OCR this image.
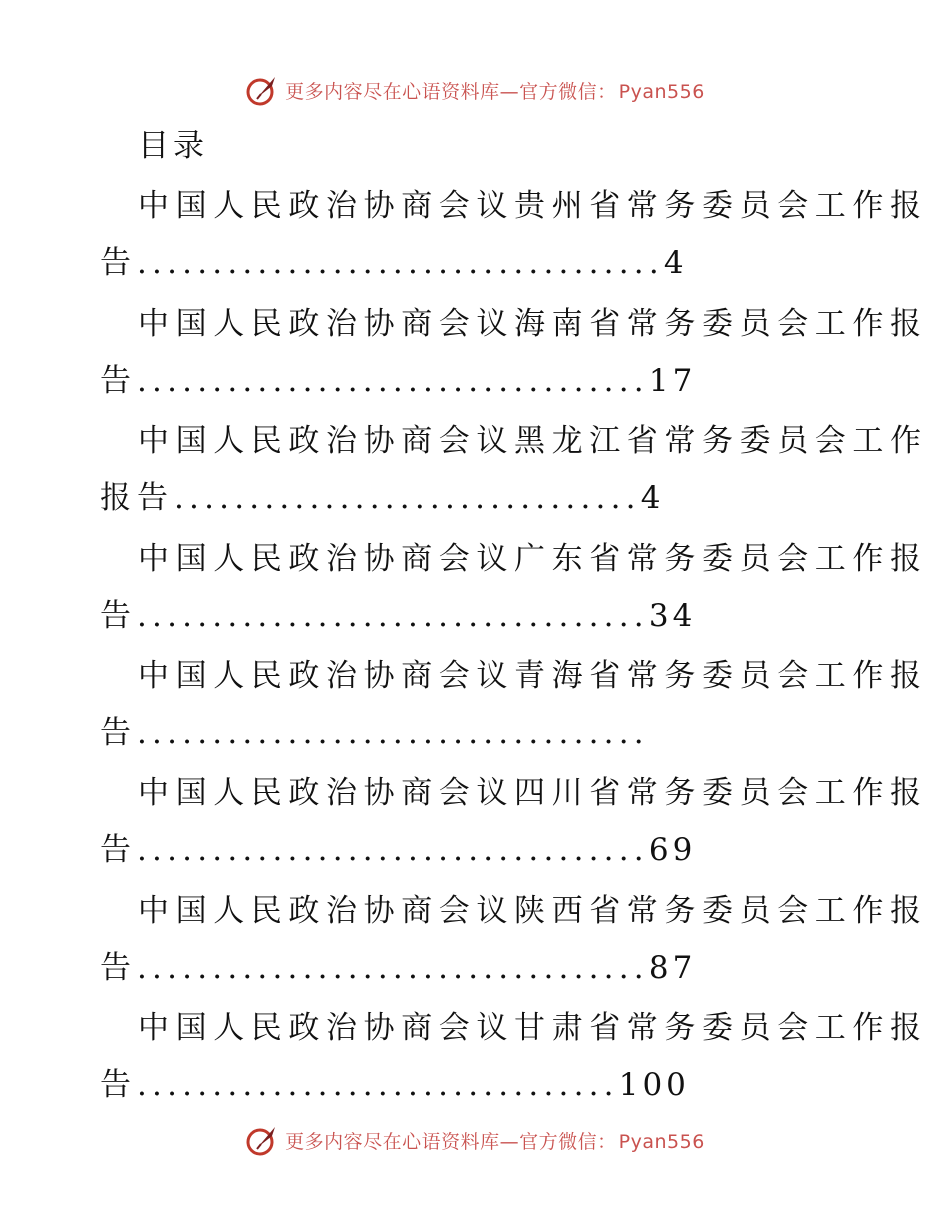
更多内容尽在心语资料库—官方微信： Pyan556
目录
中国人民政治协商会议贵州省常务委员会工作报
告...................................4
中国人民政治协商会议海南省常务委员会工作报
告..................................17
中国人民政治协商会议黑龙江省常务委员会工作
报告...............................4
中国人民政治协商会议广东省常务委员会工作报
告..................................34
中国人民政治协商会议青海省常务委员会工作报
告..................................
中国人民政治协商会议四川省常务委员会工作报
告..................................69
中国人民政治协商会议陕西省常务委员会工作报
告..................................87
中国人民政治协商会议甘肃省常务委员会工作报
告................................100
更多内容尽在心语资料库—官方微信： Pyan556
